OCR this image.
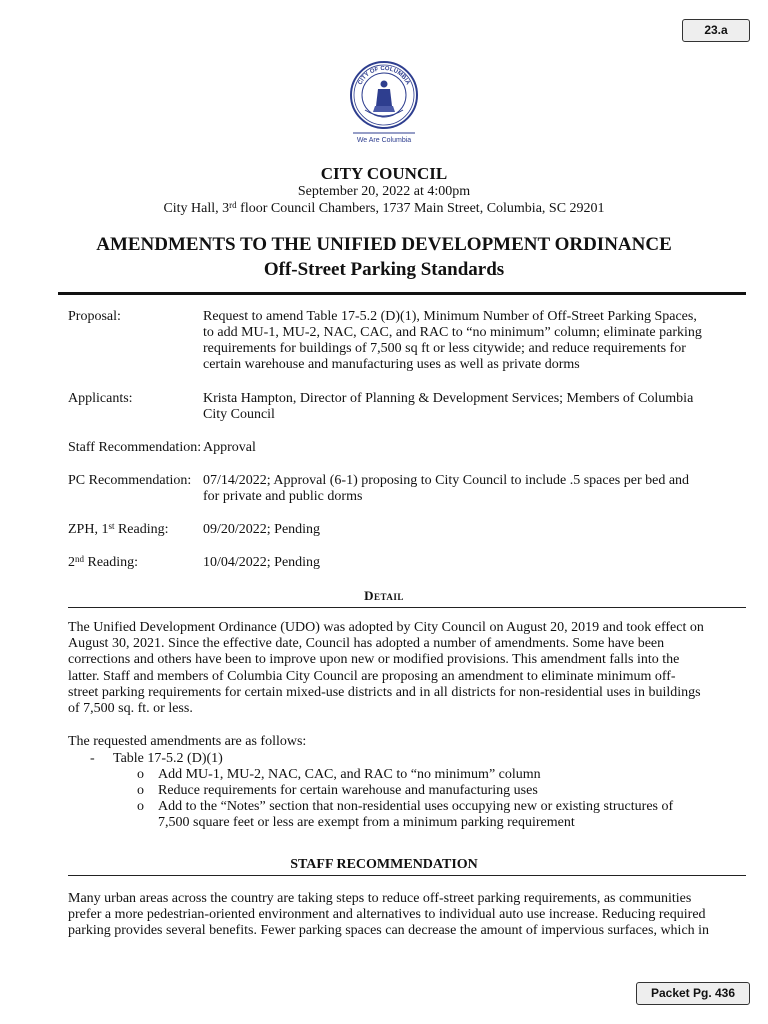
23.a
Packet Pg. 436
CITY OF COLUMBIA
We Are Columbia
CITY COUNCIL
September 20, 2022 at 4:00pm
City Hall, 3rd floor Council Chambers, 1737 Main Street, Columbia, SC 29201
AMENDMENTS TO THE UNIFIED DEVELOPMENT ORDINANCE
Off-Street Parking Standards
Proposal:	Request to amend Table 17-5.2 (D)(1), Minimum Number of Off-Street Parking Spaces,
to add MU-1, MU-2, NAC, CAC, and RAC to “no minimum” column; eliminate parking
requirements for buildings of 7,500 sq ft or less citywide; and reduce requirements for
certain warehouse and manufacturing uses as well as private dorms
Applicants:	Krista Hampton, Director of Planning & Development Services; Members of Columbia
City Council
Staff Recommendation: Approval
PC Recommendation: 07/14/2022; Approval (6-1) proposing to City Council to include .5 spaces per bed and
for private and public dorms
ZPH, 1st Reading: 09/20/2022; Pending
2nd Reading:	10/04/2022; Pending
Detail
The Unified Development Ordinance (UDO) was adopted by City Council on August 20, 2019 and took effect on
August 30, 2021. Since the effective date, Council has adopted a number of amendments. Some have been
corrections and others have been to improve upon new or modified provisions. This amendment falls into the
latter. Staff and members of Columbia City Council are proposing an amendment to eliminate minimum off-
street parking requirements for certain mixed-use districts and in all districts for non-residential uses in buildings
of 7,500 sq. ft. or less.
The requested amendments are as follows:
- Table 17-5.2 (D)(1)
o Add MU-1, MU-2, NAC, CAC, and RAC to “no minimum” column
o Reduce requirements for certain warehouse and manufacturing uses
o Add to the “Notes” section that non-residential uses occupying new or existing structures of
7,500 square feet or less are exempt from a minimum parking requirement
STAFF RECOMMENDATION
Many urban areas across the country are taking steps to reduce off-street parking requirements, as communities
prefer a more pedestrian-oriented environment and alternatives to individual auto use increase. Reducing required
parking provides several benefits. Fewer parking spaces can decrease the amount of impervious surfaces, which in
